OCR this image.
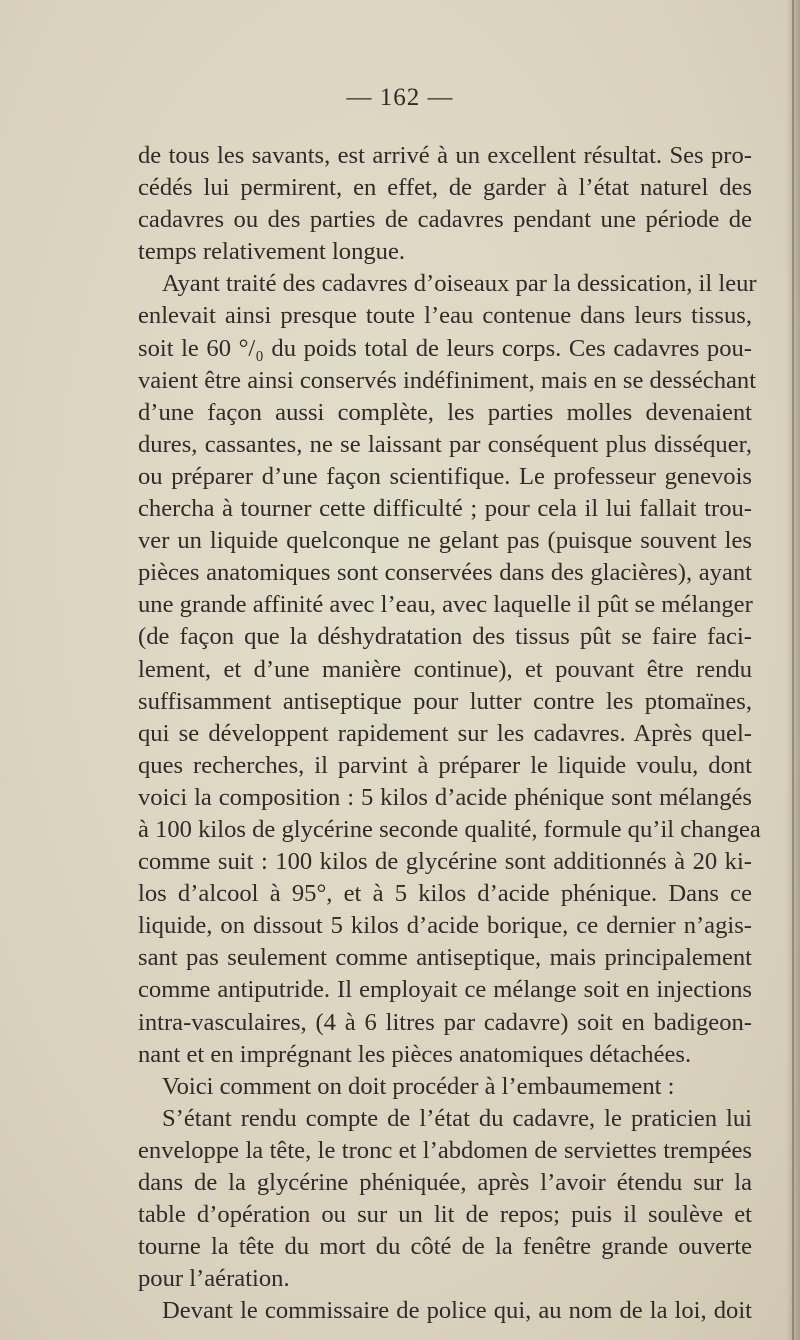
— 162 —
de tous les savants, est arrivé à un excellent résultat. Ses pro-
cédés lui permirent, en effet, de garder à l’état naturel des
cadavres ou des parties de cadavres pendant une période de
temps relativement longue.
Ayant traité des cadavres d’oiseaux par la dessication, il leur
enlevait ainsi presque toute l’eau contenue dans leurs tissus,
soit le 60 °/₀ du poids total de leurs corps. Ces cadavres pou-
vaient être ainsi conservés indéfiniment, mais en se desséchant
d’une façon aussi complète, les parties molles devenaient
dures, cassantes, ne se laissant par conséquent plus disséquer,
ou préparer d’une façon scientifique. Le professeur genevois
chercha à tourner cette difficulté ; pour cela il lui fallait trou-
ver un liquide quelconque ne gelant pas (puisque souvent les
pièces anatomiques sont conservées dans des glacières), ayant
une grande affinité avec l’eau, avec laquelle il pût se mélanger
(de façon que la déshydratation des tissus pût se faire faci-
lement, et d’une manière continue), et pouvant être rendu
suffisamment antiseptique pour lutter contre les ptomaïnes,
qui se développent rapidement sur les cadavres. Après quel-
ques recherches, il parvint à préparer le liquide voulu, dont
voici la composition : 5 kilos d’acide phénique sont mélangés
à 100 kilos de glycérine seconde qualité, formule qu’il changea
comme suit : 100 kilos de glycérine sont additionnés à 20 ki-
los d’alcool à 95°, et à 5 kilos d’acide phénique. Dans ce
liquide, on dissout 5 kilos d’acide borique, ce dernier n’agis-
sant pas seulement comme antiseptique, mais principalement
comme antiputride. Il employait ce mélange soit en injections
intra-vasculaires, (4 à 6 litres par cadavre) soit en badigeon-
nant et en imprégnant les pièces anatomiques détachées.
Voici comment on doit procéder à l’embaumement :
S’étant rendu compte de l’état du cadavre, le praticien lui
enveloppe la tête, le tronc et l’abdomen de serviettes trempées
dans de la glycérine phéniquée, après l’avoir étendu sur la
table d’opération ou sur un lit de repos; puis il soulève et
tourne la tête du mort du côté de la fenêtre grande ouverte
pour l’aération.
Devant le commissaire de police qui, au nom de la loi, doit
